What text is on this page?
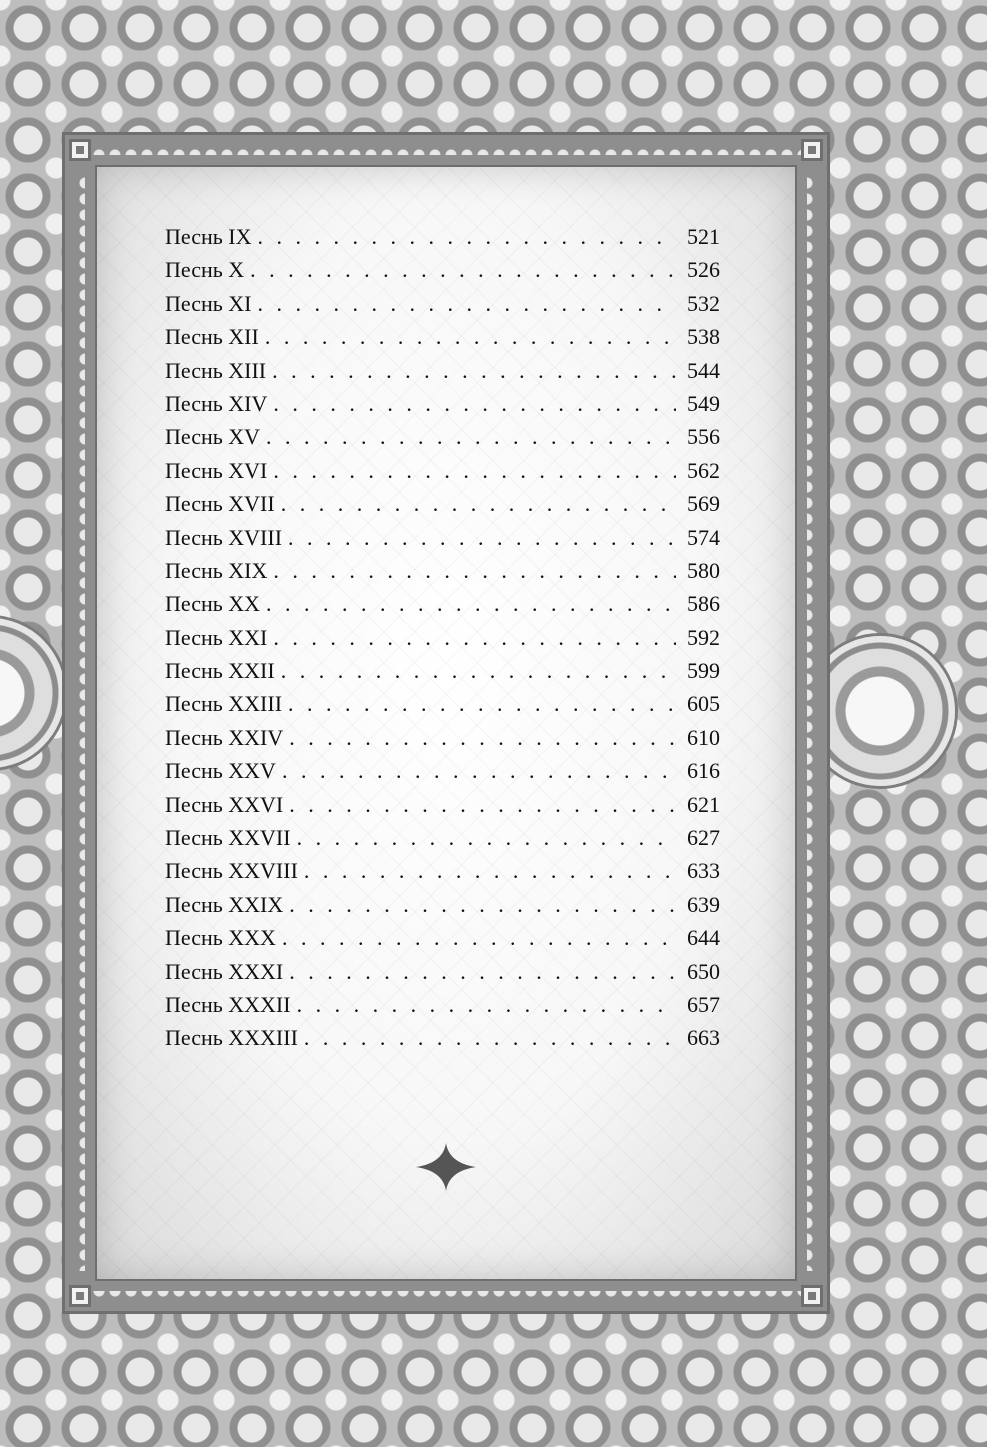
Песнь IX . . .	521
Песнь X . . .	526
Песнь XI . . .	532
Песнь XII . . .	538
Песнь XIII . . .	544
Песнь XIV . . .	549
Песнь XV . . .	556
Песнь XVI . . .	562
Песнь XVII . . .	569
Песнь XVIII . . .	574
Песнь XIX . . .	580
Песнь XX . . .	586
Песнь XXI . . .	592
Песнь XXII . . .	599
Песнь XXIII . . .	605
Песнь XXIV . . .	610
Песнь XXV . . .	616
Песнь XXVI . . .	621
Песнь XXVII . . .	627
Песнь XXVIII . . .	633
Песнь XXIX . . .	639
Песнь XXX . . .	644
Песнь XXXI . . .	650
Песнь XXXII . . .	657
Песнь XXXIII . . .	663
